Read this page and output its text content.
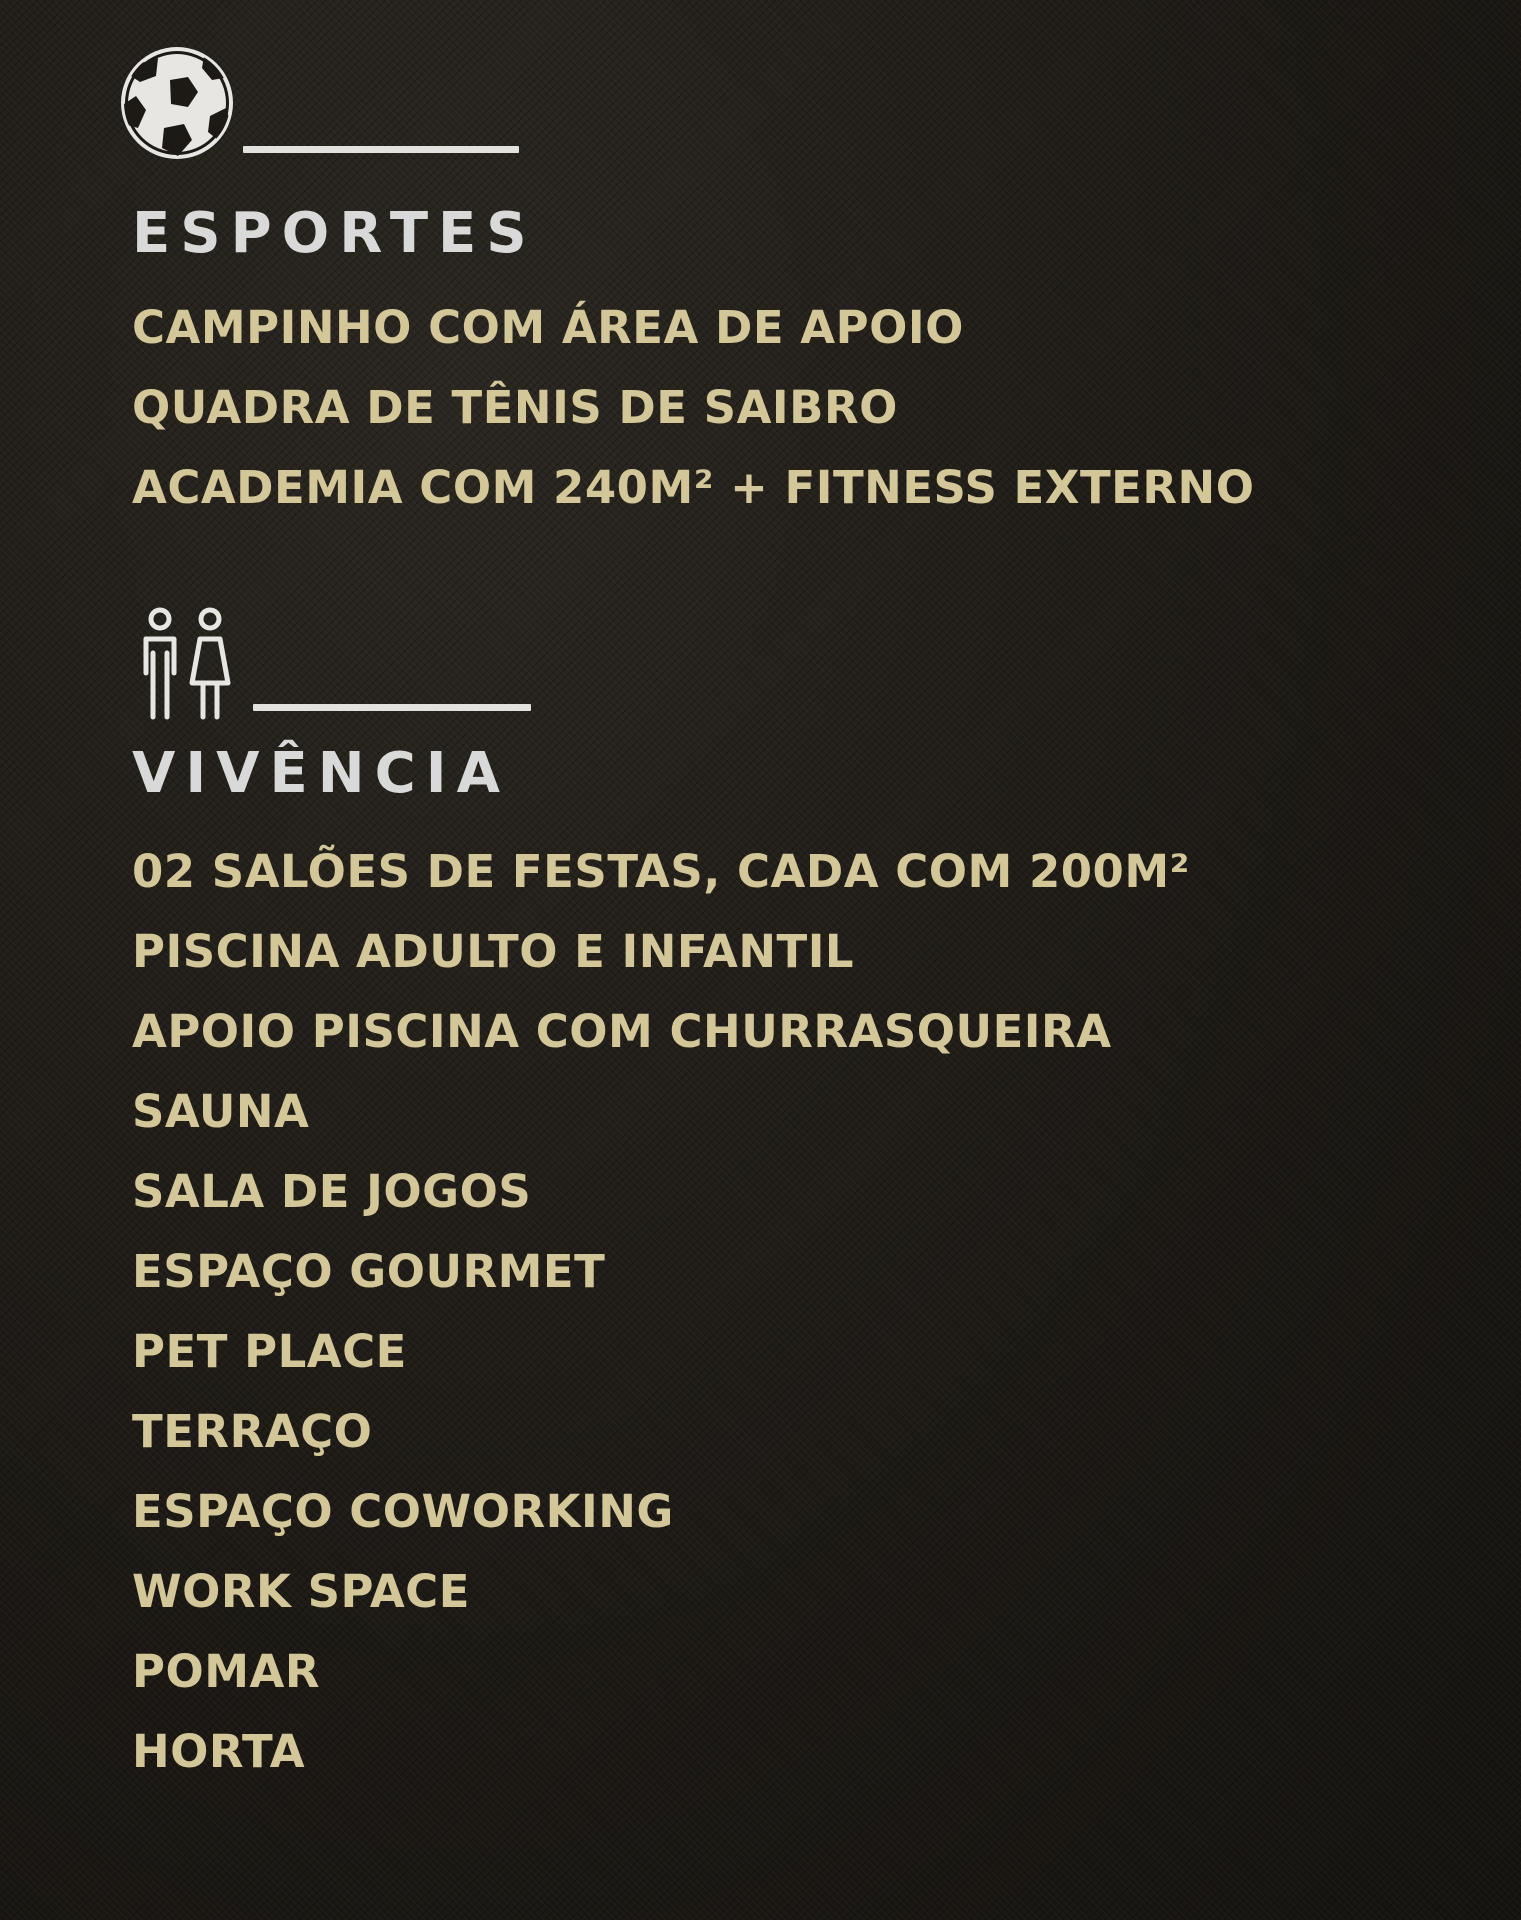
ESPORTES
CAMPINHO COM ÁREA DE APOIO
QUADRA DE TÊNIS DE SAIBRO
ACADEMIA COM 240M² + FITNESS EXTERNO
VIVÊNCIA
02 SALÕES DE FESTAS, CADA COM 200M²
PISCINA ADULTO E INFANTIL
APOIO PISCINA COM CHURRASQUEIRA
SAUNA
SALA DE JOGOS
ESPAÇO GOURMET
PET PLACE
TERRAÇO
ESPAÇO COWORKING
WORK SPACE
POMAR
HORTA
